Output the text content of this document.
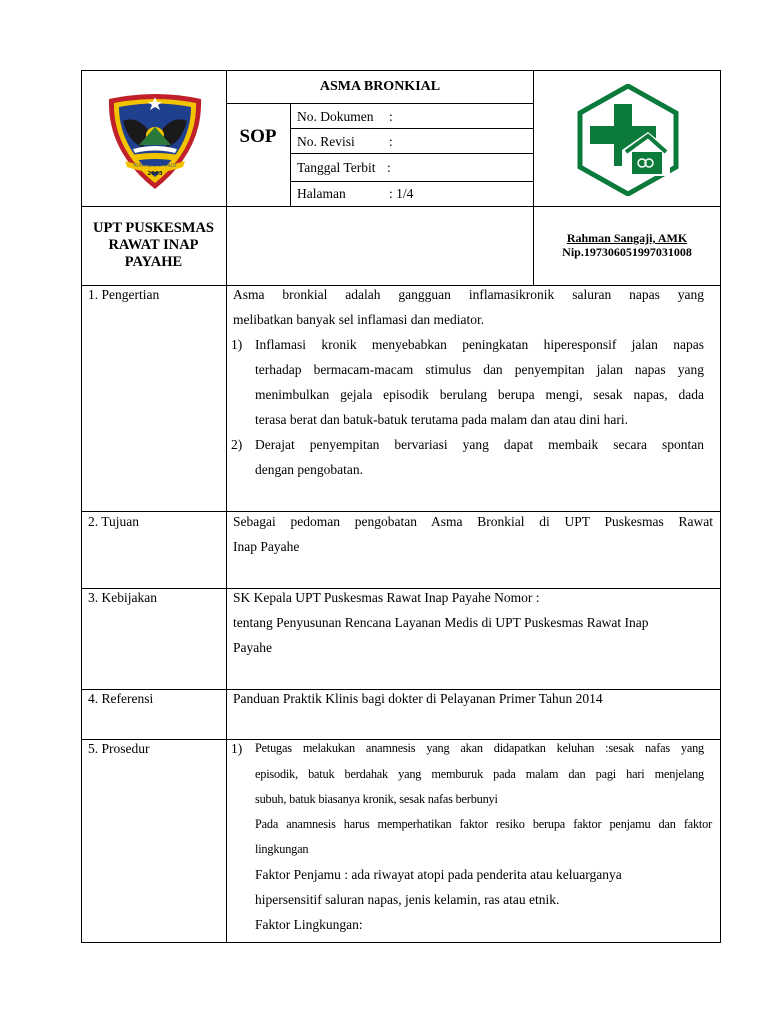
ALAMI LOLI SI KALLU
2003
ASMA BRONKIAL
SOP
No. Dokumen :
No. Revisi	:
Tanggal Terbit :
Halaman	: 1/4
UPT PUSKESMAS
RAWAT INAP
PAYAHE
Rahman Sangaji, AMK
Nip.197306051997031008
1. Pengertian	Asma bronkial adalah gangguan inflamasikronik saluran napas yang
melibatkan banyak sel inflamasi dan mediator.
1) Inflamasi kronik menyebabkan peningkatan hiperesponsif jalan napas
terhadap bermacam-macam stimulus dan penyempitan jalan napas yang
menimbulkan gejala episodik berulang berupa mengi, sesak napas, dada
terasa berat dan batuk-batuk terutama pada malam dan atau dini hari.
2) Derajat penyempitan bervariasi yang dapat membaik secara spontan
dengan pengobatan.
2. Tujuan	Sebagai pedoman pengobatan Asma Bronkial di UPT Puskesmas Rawat
Inap Payahe
3. Kebijakan	SK Kepala UPT Puskesmas Rawat Inap Payahe Nomor :
tentang Penyusunan Rencana Layanan Medis di UPT Puskesmas Rawat Inap
Payahe
4. Referensi	Panduan Praktik Klinis bagi dokter di Pelayanan Primer Tahun 2014
5. Prosedur	1) Petugas melakukan anamnesis yang akan didapatkan keluhan :sesak nafas yang
episodik, batuk berdahak yang memburuk pada malam dan pagi hari menjelang
subuh, batuk biasanya kronik, sesak nafas berbunyi
Pada anamnesis harus memperhatikan faktor resiko berupa faktor penjamu dan faktor
lingkungan
Faktor Penjamu : ada riwayat atopi pada penderita atau keluarganya
hipersensitif saluran napas, jenis kelamin, ras atau etnik.
Faktor Lingkungan:
